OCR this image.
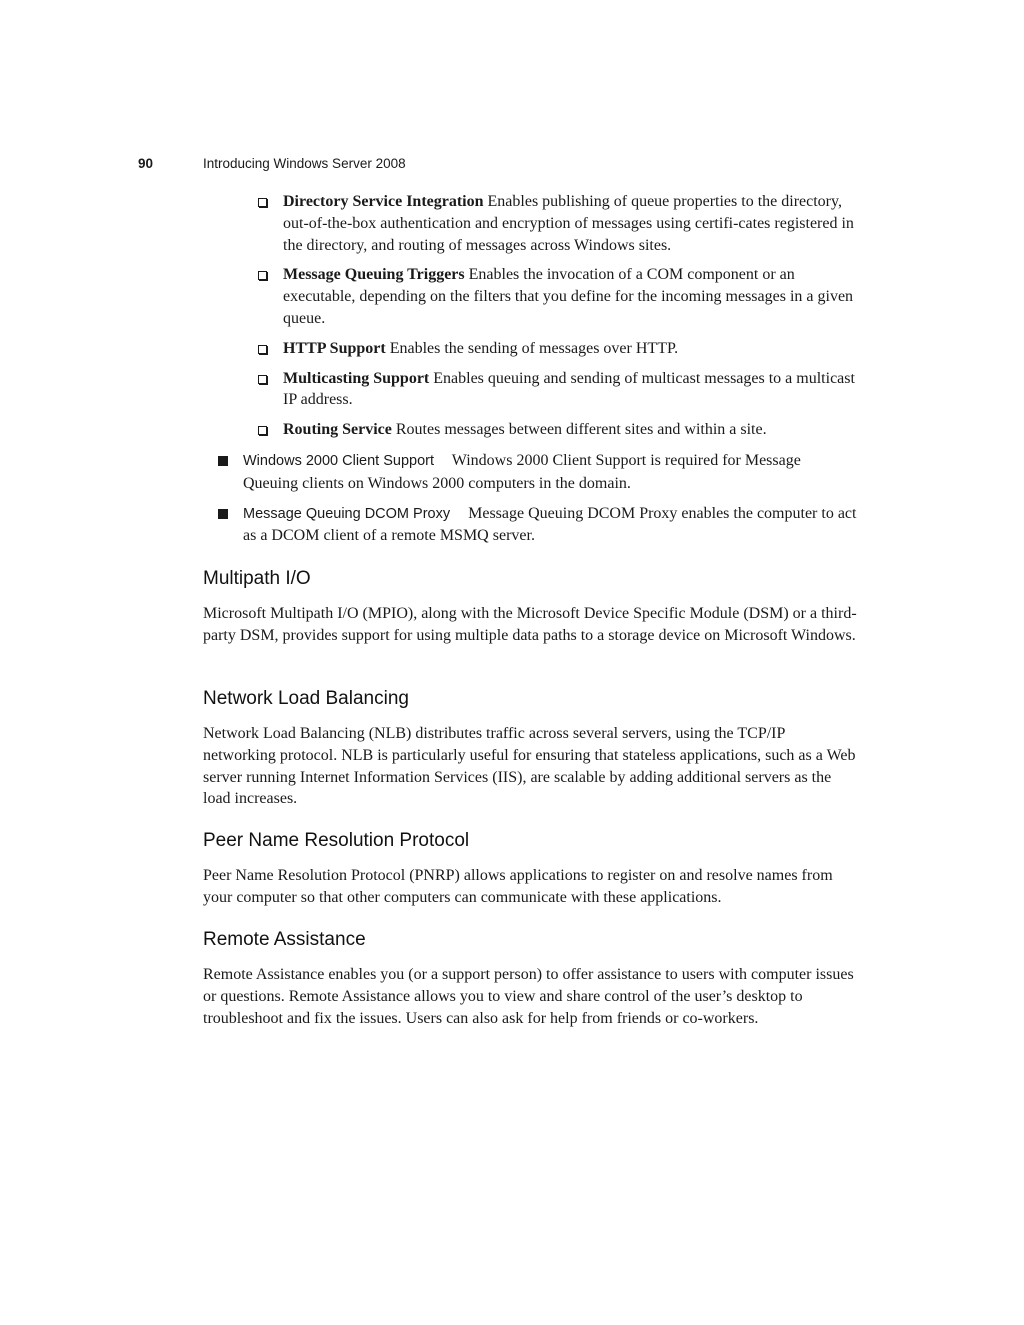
90	Introducing Windows Server 2008
Directory Service Integration Enables publishing of queue properties to the directory, out-of-the-box authentication and encryption of messages using certifi-cates registered in the directory, and routing of messages across Windows sites.
Message Queuing Triggers Enables the invocation of a COM component or an executable, depending on the filters that you define for the incoming messages in a given queue.
HTTP Support Enables the sending of messages over HTTP.
Multicasting Support Enables queuing and sending of multicast messages to a multicast IP address.
Routing Service Routes messages between different sites and within a site.
Windows 2000 Client Support Windows 2000 Client Support is required for Message Queuing clients on Windows 2000 computers in the domain.
Message Queuing DCOM Proxy Message Queuing DCOM Proxy enables the computer to act as a DCOM client of a remote MSMQ server.
Multipath I/O

Microsoft Multipath I/O (MPIO), along with the Microsoft Device Specific Module (DSM) or a third-party DSM, provides support for using multiple data paths to a storage device on Microsoft Windows.

Network Load Balancing

Network Load Balancing (NLB) distributes traffic across several servers, using the TCP/IP networking protocol. NLB is particularly useful for ensuring that stateless applications, such as a Web server running Internet Information Services (IIS), are scalable by adding additional servers as the load increases.

Peer Name Resolution Protocol

Peer Name Resolution Protocol (PNRP) allows applications to register on and resolve names from your computer so that other computers can communicate with these applications.

Remote Assistance

Remote Assistance enables you (or a support person) to offer assistance to users with computer issues or questions. Remote Assistance allows you to view and share control of the user’s desktop to troubleshoot and fix the issues. Users can also ask for help from friends or co-workers.
